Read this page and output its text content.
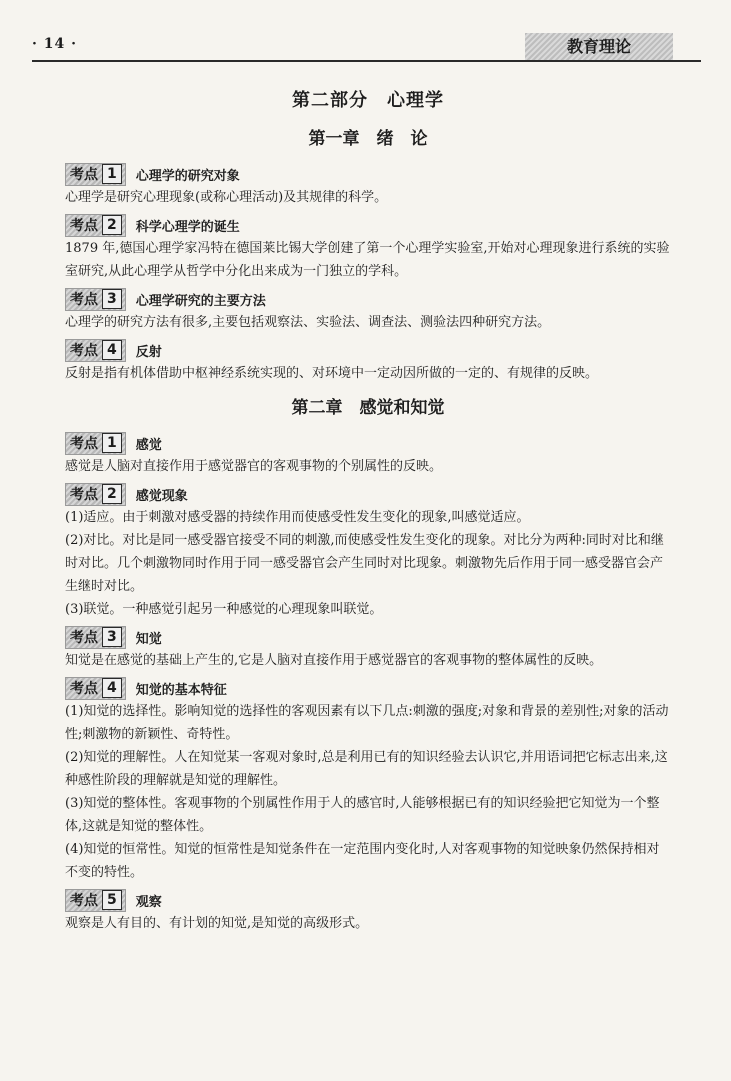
· 14 ·	教育理论
第二部分　心理学
第一章　绪　论
考点 1	心理学的研究对象

心理学是研究心理现象(或称心理活动)及其规律的科学。

考点 2	科学心理学的诞生

1879 年,德国心理学家冯特在德国莱比锡大学创建了第一个心理学实验室,开始对心理现象进行系统的实验室研究,从此心理学从哲学中分化出来成为一门独立的学科。

考点 3	心理学研究的主要方法

心理学的研究方法有很多,主要包括观察法、实验法、调查法、测验法四种研究方法。

考点 4	反射

反射是指有机体借助中枢神经系统实现的、对环境中一定动因所做的一定的、有规律的反映。

第二章　感觉和知觉
考点 1	感觉

感觉是人脑对直接作用于感觉器官的客观事物的个别属性的反映。

考点 2	感觉现象

(1)适应。由于刺激对感受器的持续作用而使感受性发生变化的现象,叫感觉适应。

(2)对比。对比是同一感受器官接受不同的刺激,而使感受性发生变化的现象。对比分为两种:同时对比和继时对比。几个刺激物同时作用于同一感受器官会产生同时对比现象。刺激物先后作用于同一感受器官会产生继时对比。

(3)联觉。一种感觉引起另一种感觉的心理现象叫联觉。

考点 3	知觉

知觉是在感觉的基础上产生的,它是人脑对直接作用于感觉器官的客观事物的整体属性的反映。

考点 4	知觉的基本特征

(1)知觉的选择性。影响知觉的选择性的客观因素有以下几点:刺激的强度;对象和背景的差别性;对象的活动性;刺激物的新颖性、奇特性。

(2)知觉的理解性。人在知觉某一客观对象时,总是利用已有的知识经验去认识它,并用语词把它标志出来,这种感性阶段的理解就是知觉的理解性。

(3)知觉的整体性。客观事物的个别属性作用于人的感官时,人能够根据已有的知识经验把它知觉为一个整体,这就是知觉的整体性。

(4)知觉的恒常性。知觉的恒常性是知觉条件在一定范围内变化时,人对客观事物的知觉映象仍然保持相对不变的特性。

考点 5	观察

观察是人有目的、有计划的知觉,是知觉的高级形式。
